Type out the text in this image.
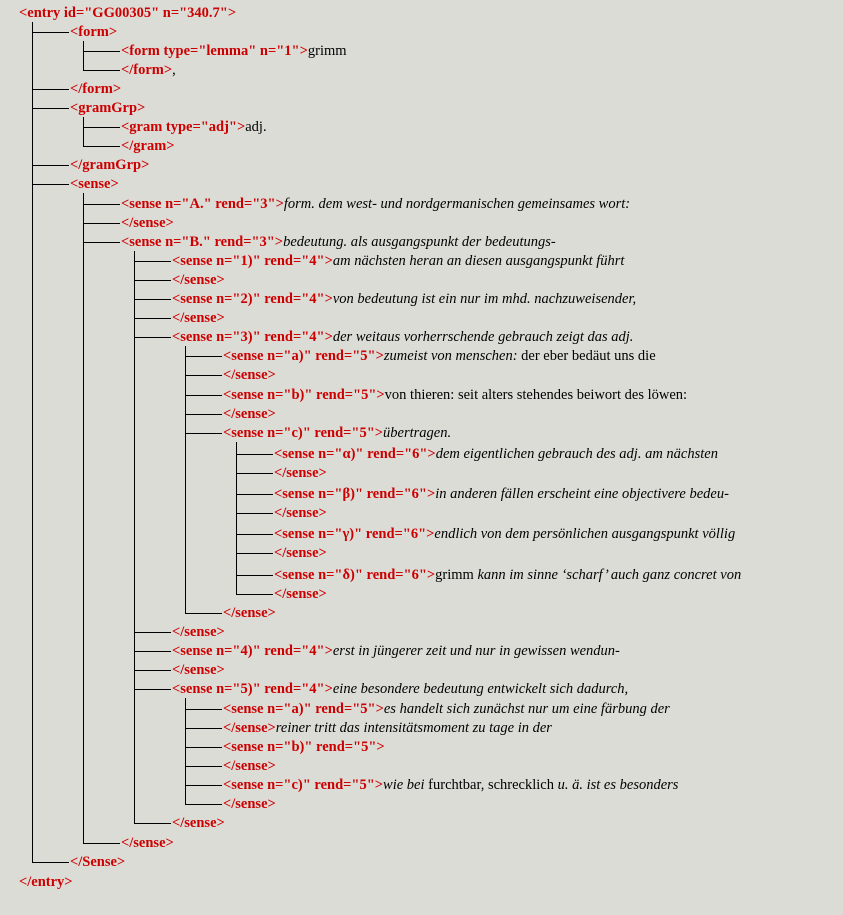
<entry id="GG00305" n="340.7">
<form>
<form type="lemma" n="1">grimm
</form>,
</form>
<gramGrp>
<gram type="adj">adj.
</gram>
</gramGrp>
<sense>
<sense n="A." rend="3">form. dem west- und nordgermanischen gemeinsames wort:
</sense>
<sense n="B." rend="3">bedeutung. als ausgangspunkt der bedeutungs-
<sense n="1)" rend="4">am nächsten heran an diesen ausgangspunkt führt
</sense>
<sense n="2)" rend="4">von bedeutung ist ein nur im mhd. nachzuweisender,
</sense>
<sense n="3)" rend="4">der weitaus vorherrschende gebrauch zeigt das adj.
<sense n="a)" rend="5">zumeist von menschen: der eber bedäut uns die
</sense>
<sense n="b)" rend="5">von thieren: seit alters stehendes beiwort des löwen:
</sense>
<sense n="c)" rend="5">übertragen.
<sense n="α)" rend="6">dem eigentlichen gebrauch des adj. am nächsten
</sense>
<sense n="β)" rend="6">in anderen fällen erscheint eine objectivere bedeu-
</sense>
<sense n="γ)" rend="6">endlich von dem persönlichen ausgangspunkt völlig
</sense>
<sense n="δ)" rend="6">grimm kann im sinne ‘scharf’ auch ganz concret von
</sense>
</sense>
</sense>
<sense n="4)" rend="4">erst in jüngerer zeit und nur in gewissen wendun-
</sense>
<sense n="5)" rend="4">eine besondere bedeutung entwickelt sich dadurch,
<sense n="a)" rend="5">es handelt sich zunächst nur um eine färbung der
</sense>reiner tritt das intensitätsmoment zu tage in der
<sense n="b)" rend="5">
</sense>
<sense n="c)" rend="5">wie bei furchtbar, schrecklich u. ä. ist es besonders
</sense>
</sense>
</sense>
</Sense>
</entry>
